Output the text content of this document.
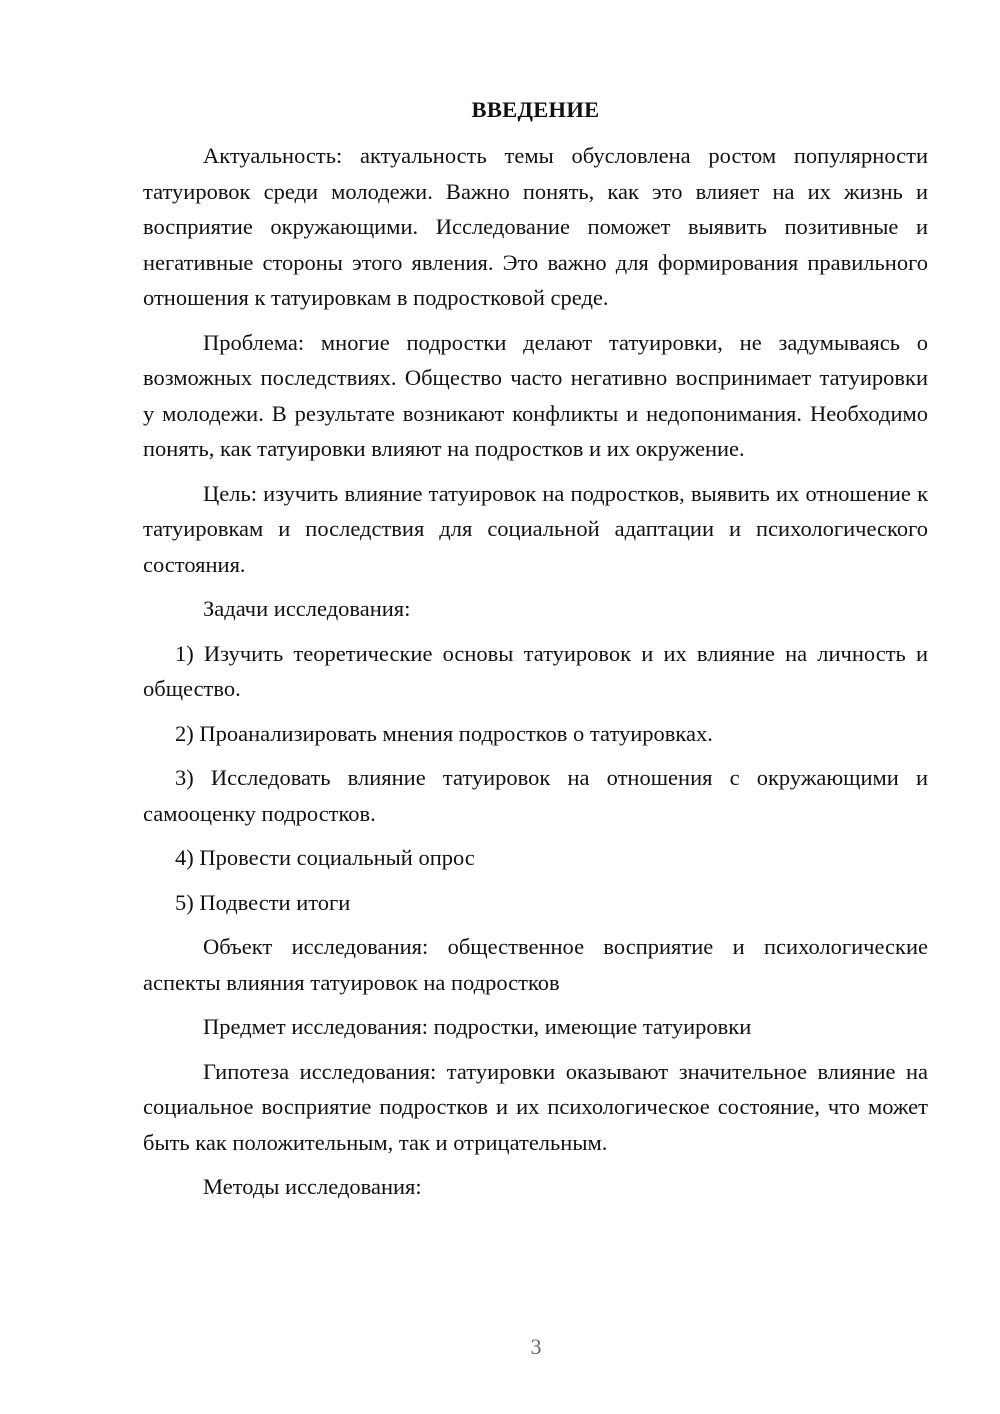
ВВЕДЕНИЕ

Актуальность: актуальность темы обусловлена ростом популярности татуировок среди молодежи. Важно понять, как это влияет на их жизнь и восприятие окружающими. Исследование поможет выявить позитивные и негативные стороны этого явления. Это важно для формирования правильного отношения к татуировкам в подростковой среде.

Проблема: многие подростки делают татуировки, не задумываясь о возможных последствиях. Общество часто негативно воспринимает татуировки у молодежи. В результате возникают конфликты и недопонимания. Необходимо понять, как татуировки влияют на подростков и их окружение.

Цель: изучить влияние татуировок на подростков, выявить их отношение к татуировкам и последствия для социальной адаптации и психологического состояния.

Задачи исследования:

1) Изучить теоретические основы татуировок и их влияние на личность и общество.

2) Проанализировать мнения подростков о татуировках.

3) Исследовать влияние татуировок на отношения с окружающими и самооценку подростков.

4) Провести социальный опрос

5) Подвести итоги

Объект исследования: общественное восприятие и психологические аспекты влияния татуировок на подростков

Предмет исследования: подростки, имеющие татуировки

Гипотеза исследования: татуировки оказывают значительное влияние на социальное восприятие подростков и их психологическое состояние, что может быть как положительным, так и отрицательным.

Методы исследования:

3
